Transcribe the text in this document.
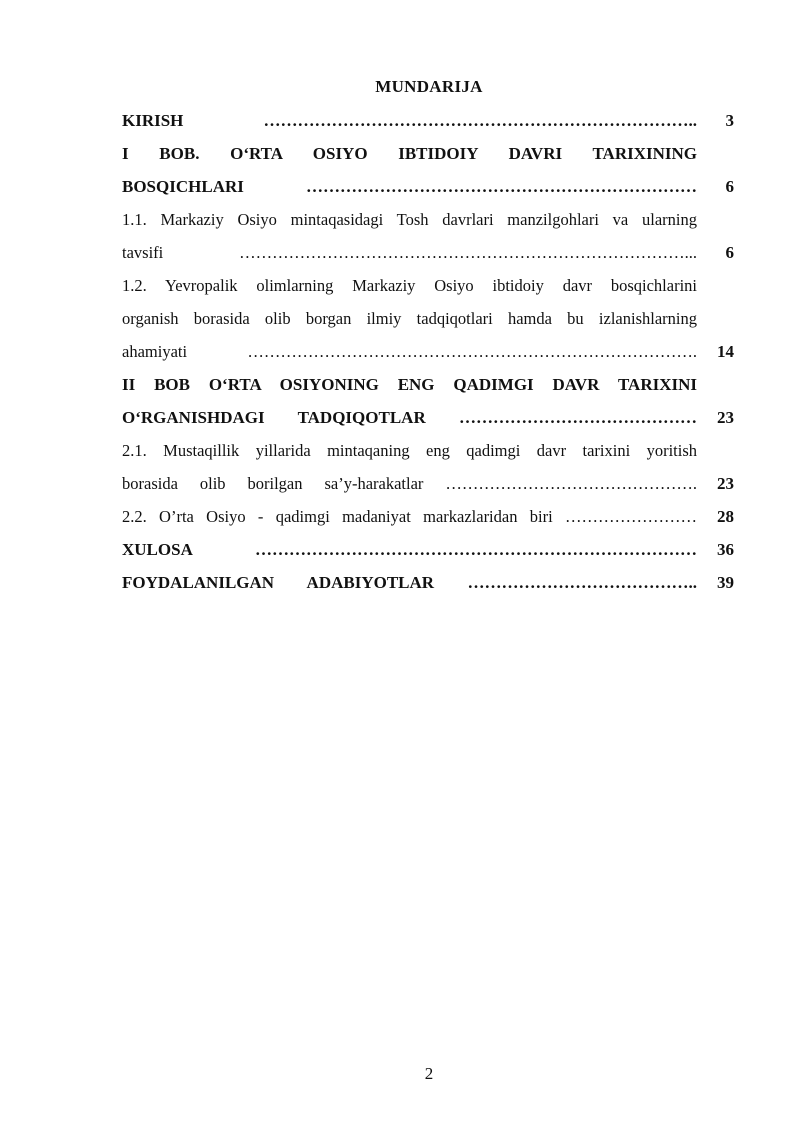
MUNDARIJA
KIRISH ………………………………………………………………….. 3
I BOB. O‘RTA OSIYO IBTIDOIY DAVRI TARIXINING
BOSQICHLARI …………………………………………………………… 6
1.1. Markaziy Osiyo mintaqasidagi Tosh davrlari manzilgohlari va ularning
tavsifi ………………………………………………………………………... 6
1.2. Yevropalik olimlarning Markaziy Osiyo ibtidoiy davr bosqichlarini
organish borasida olib borgan ilmiy tadqiqotlari hamda bu izlanishlarning
ahamiyati ………………………………………………………………………. 14
II BOB O‘RTA OSIYONING ENG QADIMGI DAVR TARIXINI
O‘RGANISHDAGI TADQIQOTLAR …………………………………… 23
2.1. Mustaqillik yillarida mintaqaning eng qadimgi davr tarixini yoritish
borasida olib borilgan sa’y-harakatlar ………………………………………. 23
2.2. O’rta Osiyo - qadimgi madaniyat markazlaridan biri …………………… 28
XULOSA …………………………………………………………………… 36
FOYDALANILGAN ADABIYOTLAR ………………………………….. 39
2
